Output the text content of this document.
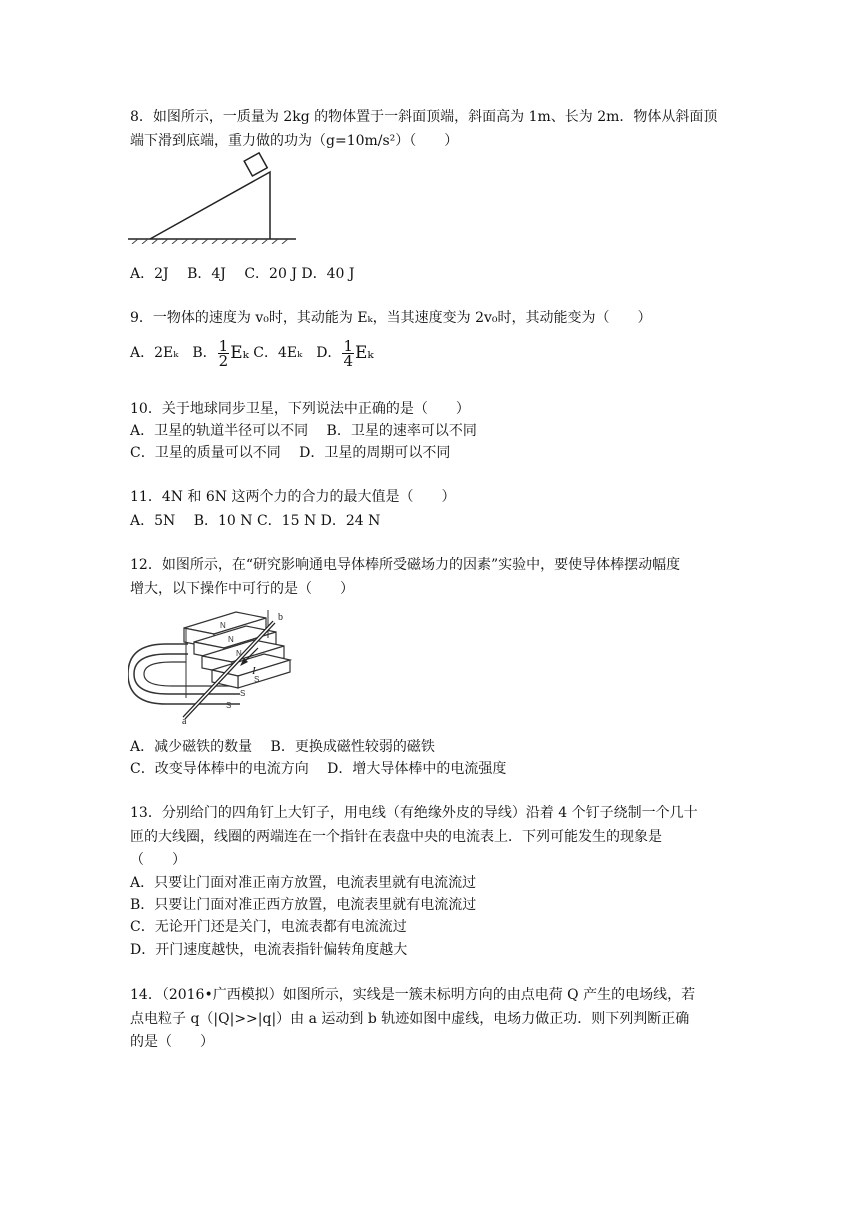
8．如图所示，一质量为 2kg 的物体置于一斜面顶端，斜面高为 1m、长为 2m．物体从斜面顶
端下滑到底端，重力做的功为（g=10m/s²）（　　）
A．2J　 B．4J　 C．20 J D．40 J
9．一物体的速度为 v₀时，其动能为 Eₖ，当其速度变为 2v₀时，其动能变为（　　）
A．2Eₖ　B． $\frac{1}{2}$ Eₖ C．4Eₖ　D． $\frac{1}{4}$ Eₖ
10．关于地球同步卫星，下列说法中正确的是（　　）
A．卫星的轨道半径可以不同　 B．卫星的速率可以不同
C．卫星的质量可以不同　 D．卫星的周期可以不同
11．4N 和 6N 这两个力的合力的最大值是（　　）
A．5N　 B．10 N C．15 N D．24 N
12．如图所示，在“研究影响通电导体棒所受磁场力的因素”实验中，要使导体棒摆动幅度
增大，以下操作中可行的是（　　）
b
I
a
N
N
N
S
S
S
A．减少磁铁的数量　 B．更换成磁性较弱的磁铁
C．改变导体棒中的电流方向　 D．增大导体棒中的电流强度
13．分别给门的四角钉上大钉子，用电线（有绝缘外皮的导线）沿着 4 个钉子绕制一个几十
匝的大线圈，线圈的两端连在一个指针在表盘中央的电流表上．下列可能发生的现象是
（　　）
A．只要让门面对准正南方放置，电流表里就有电流流过
B．只要让门面对准正西方放置，电流表里就有电流流过
C．无论开门还是关门，电流表都有电流流过
D．开门速度越快，电流表指针偏转角度越大
14．（2016•广西模拟）如图所示，实线是一簇未标明方向的由点电荷 Q 产生的电场线，若
点电粒子 q（|Q|>>|q|）由 a 运动到 b 轨迹如图中虚线，电场力做正功．则下列判断正确
的是（　　）
